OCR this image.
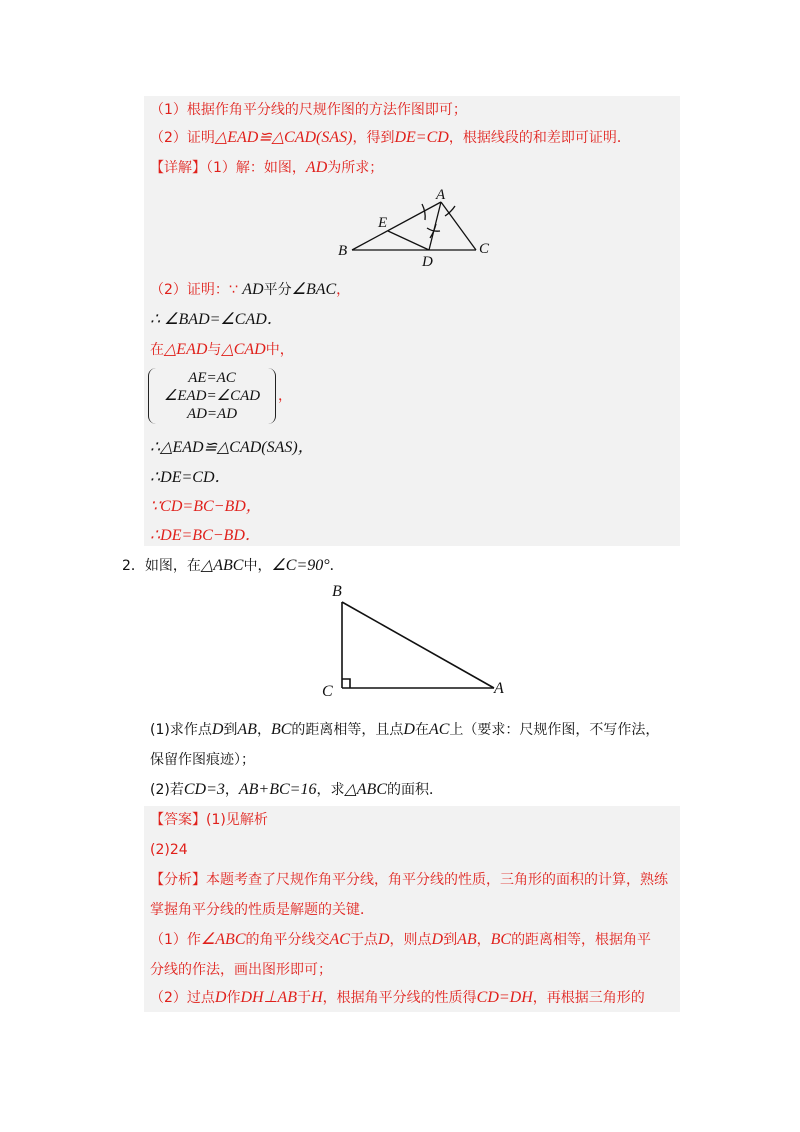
（1）根据作角平分线的尺规作图的方法作图即可；
（2）证明△EAD≌△CAD(SAS)，得到DE=CD，根据线段的和差即可证明．
【详解】（1）解：如图，AD为所求；
A
B	C
D
E
（2）证明：∵ AD平分∠BAC，
∴ ∠BAD=∠CAD．
在△EAD与△CAD中，
AE=AC
∠EAD=∠CAD
AD=AD
，
∴△EAD≌△CAD(SAS)，
∴DE=CD．
∵CD=BC−BD，
∴DE=BC−BD．
2．如图，在△ABC中，∠C=90°．
B
C	A
(1)求作点D到AB，BC的距离相等，且点D在AC上（要求：尺规作图，不写作法，
保留作图痕迹）；
(2)若CD=3，AB+BC=16，求△ABC的面积．
【答案】(1)见解析
(2)24
【分析】本题考查了尺规作角平分线，角平分线的性质，三角形的面积的计算，熟练
掌握角平分线的性质是解题的关键．
（1）作∠ABC的角平分线交AC于点D，则点D到AB，BC的距离相等，根据角平
分线的作法，画出图形即可；
（2）过点D作DH⊥AB于H，根据角平分线的性质得CD=DH，再根据三角形的
